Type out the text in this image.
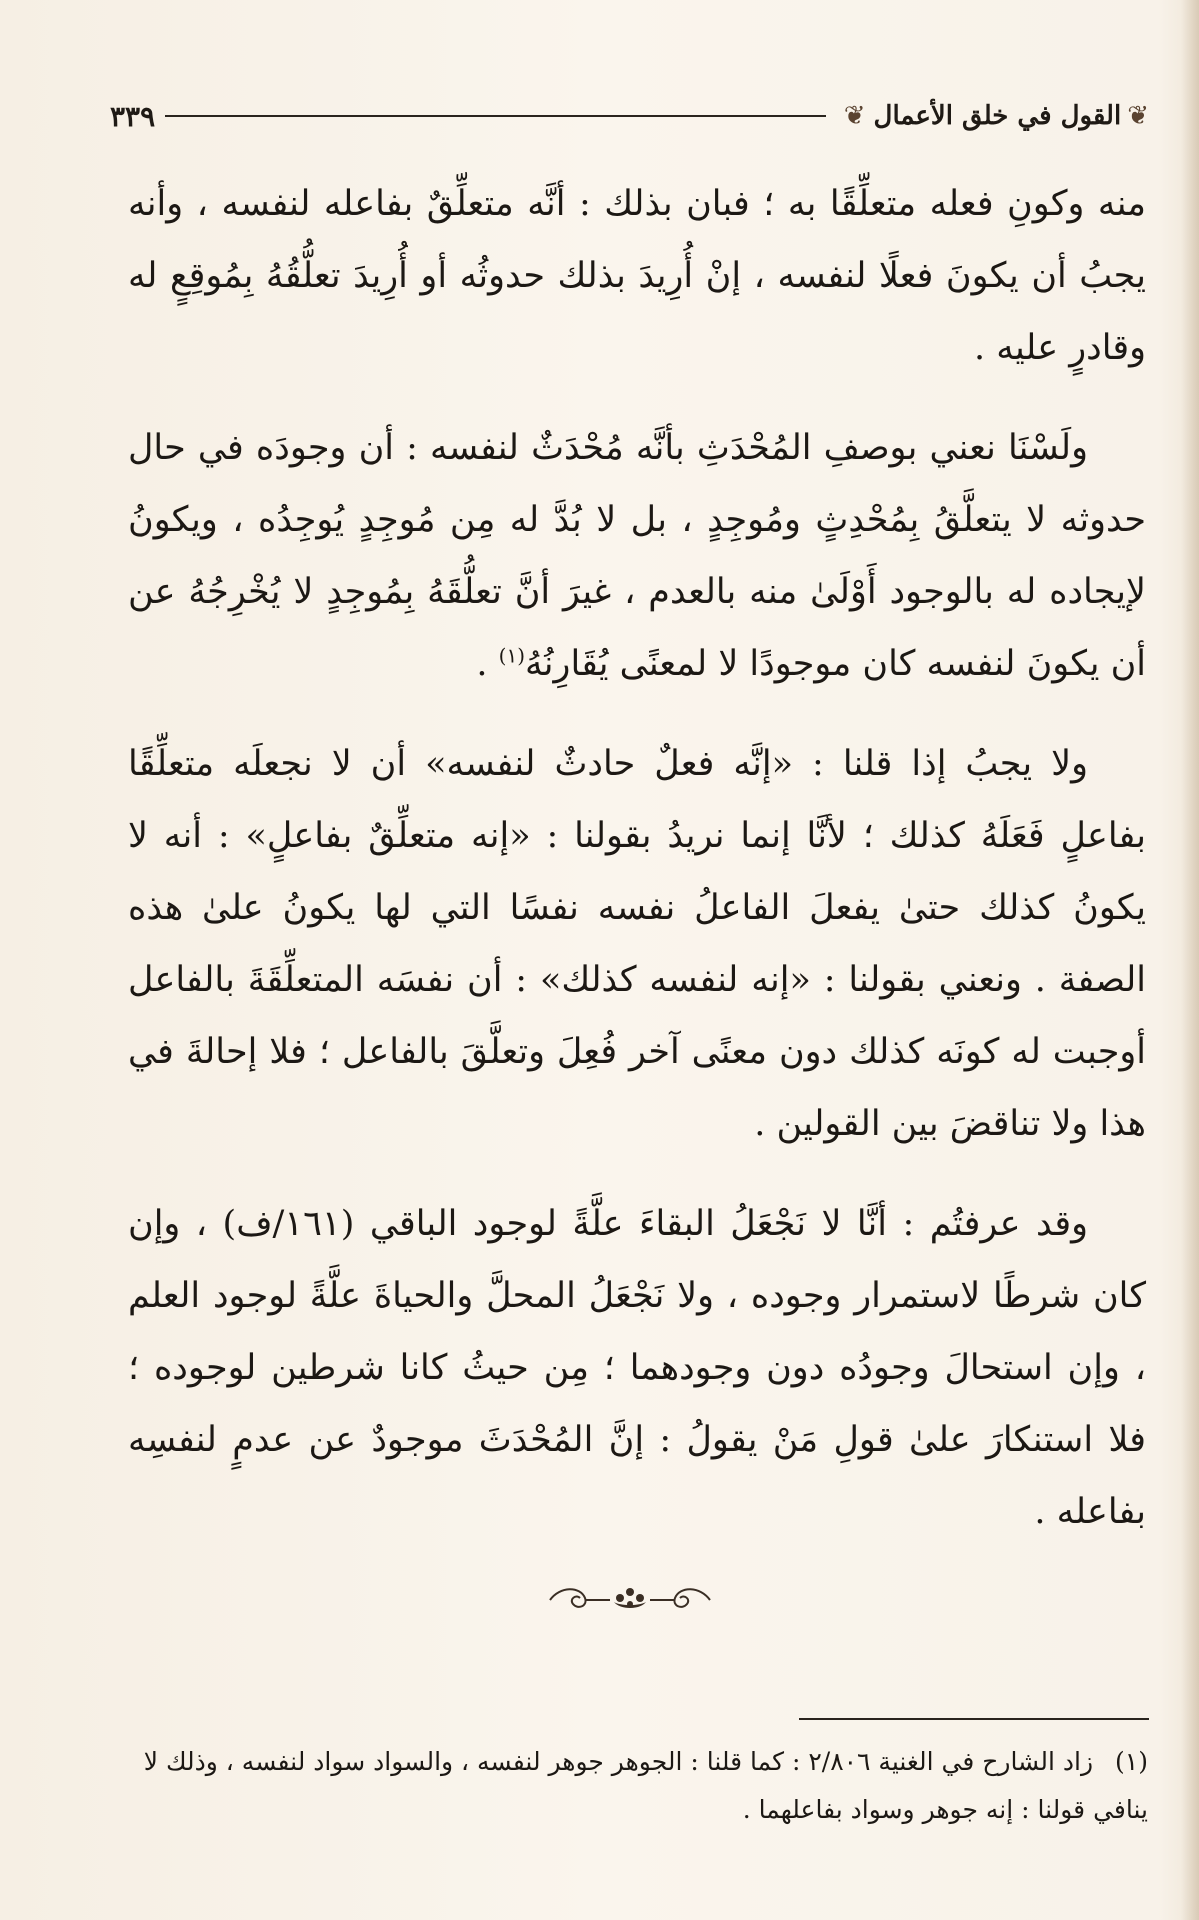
❦
القول في خلق الأعمال
❦
٣٣٩

منه وكونِ فعله متعلِّقًا به ؛ فبان بذلك : أنَّه متعلِّقٌ بفاعله لنفسه ، وأنه يجبُ أن يكونَ فعلًا لنفسه ، إنْ أُرِيدَ بذلك حدوثُه أو أُرِيدَ تعلُّقُهُ بِمُوقِعٍ له وقادرٍ عليه .

ولَسْنَا نعني بوصفِ المُحْدَثِ بأنَّه مُحْدَثٌ لنفسه : أن وجودَه في حال حدوثه لا يتعلَّقُ بِمُحْدِثٍ ومُوجِدٍ ، بل لا بُدَّ له مِن مُوجِدٍ يُوجِدُه ، ويكونُ لإيجاده له بالوجود أَوْلَىٰ منه بالعدم ، غيرَ أنَّ تعلُّقَهُ بِمُوجِدٍ لا يُخْرِجُهُ عن أن يكونَ لنفسه كان موجودًا لا لمعنًى يُقَارِنُهُ$^{(١)}$ .

ولا يجبُ إذا قلنا : «إنَّه فعلٌ حادثٌ لنفسه» أن لا نجعلَه متعلِّقًا بفاعلٍ فَعَلَهُ كذلك ؛ لأنَّا إنما نريدُ بقولنا : «إنه متعلِّقٌ بفاعلٍ» : أنه لا يكونُ كذلك حتىٰ يفعلَ الفاعلُ نفسه نفسًا التي لها يكونُ علىٰ هذه الصفة . ونعني بقولنا : «إنه لنفسه كذلك» : أن نفسَه المتعلِّقَةَ بالفاعل أوجبت له كونَه كذلك دون معنًى آخر فُعِلَ وتعلَّقَ بالفاعل ؛ فلا إحالةَ في هذا ولا تناقضَ بين القولين .

وقد عرفتُم : أنَّا لا نَجْعَلُ البقاءَ علَّةً لوجود الباقي (١٦١/ف) ، وإن كان شرطًا لاستمرار وجوده ، ولا نَجْعَلُ المحلَّ والحياةَ علَّةً لوجود العلم ، وإن استحالَ وجودُه دون وجودهما ؛ مِن حيثُ كانا شرطين لوجوده ؛ فلا استنكارَ علىٰ قولِ مَنْ يقولُ : إنَّ المُحْدَثَ موجودٌ عن عدمٍ لنفسِه بفاعله .

(١)زاد الشارح في الغنية ٢/٨٠٦ : كما قلنا : الجوهر جوهر لنفسه ، والسواد سواد لنفسه ، وذلك لا ينافي قولنا : إنه جوهر وسواد بفاعلهما .
